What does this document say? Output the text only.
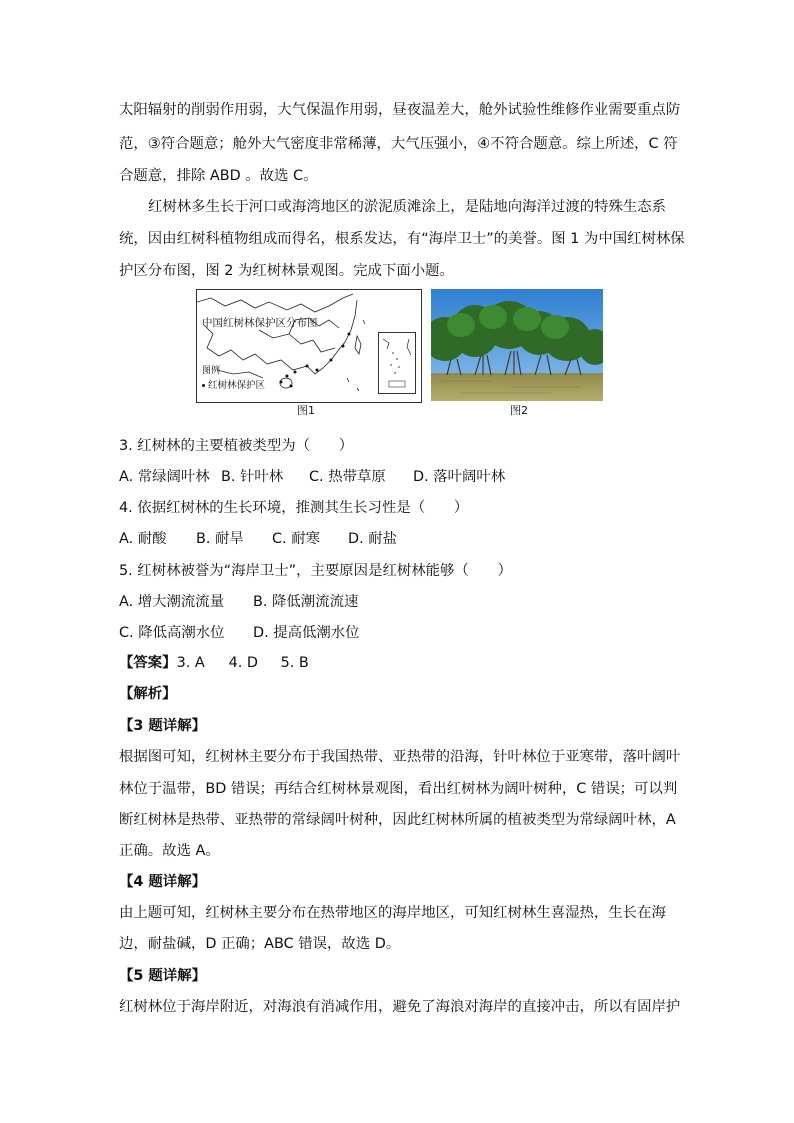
太阳辐射的削弱作用弱，大气保温作用弱，昼夜温差大，舱外试验性维修作业需要重点防
范，③符合题意；舱外大气密度非常稀薄，大气压强小，④不符合题意。综上所述，C 符
合题意，排除 ABD 。故选 C。
红树林多生长于河口或海湾地区的淤泥质滩涂上，是陆地向海洋过渡的特殊生态系
统，因由红树科植物组成而得名，根系发达，有“海岸卫士”的美誉。图 1 为中国红树林保
护区分布图，图 2 为红树林景观图。完成下面小题。
中国红树林保护区分布图
图例
红树林保护区
图1	图2
3. 红树林的主要植被类型为（　　）
A. 常绿阔叶林 B. 针叶林 C. 热带草原 D. 落叶阔叶林
4. 依据红树林的生长环境，推测其生长习性是（　　）
A. 耐酸 B. 耐旱 C. 耐寒 D. 耐盐
5. 红树林被誉为“海岸卫士”，主要原因是红树林能够（　　）
A. 增大潮流流量 B. 降低潮流流速
C. 降低高潮水位 D. 提高低潮水位
【答案】3. A 4. D 5. B
【解析】
【3 题详解】
根据图可知，红树林主要分布于我国热带、亚热带的沿海，针叶林位于亚寒带，落叶阔叶
林位于温带，BD 错误；再结合红树林景观图，看出红树林为阔叶树种，C 错误；可以判
断红树林是热带、亚热带的常绿阔叶树种，因此红树林所属的植被类型为常绿阔叶林，A
正确。故选 A。
【4 题详解】
由上题可知，红树林主要分布在热带地区的海岸地区，可知红树林生喜湿热，生长在海
边，耐盐碱，D 正确；ABC 错误，故选 D。
【5 题详解】
红树林位于海岸附近，对海浪有消减作用，避免了海浪对海岸的直接冲击，所以有固岸护
